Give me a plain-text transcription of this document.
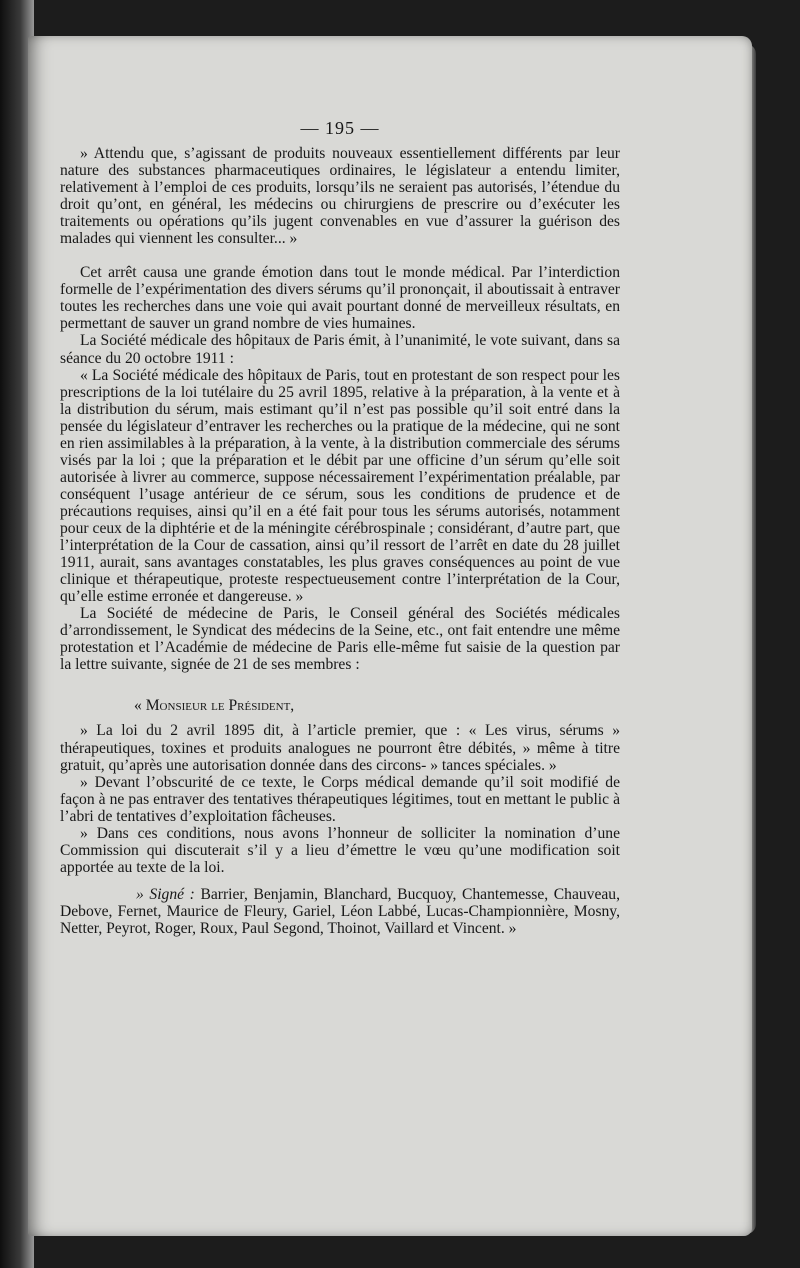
— 195 —

» Attendu que, s’agissant de produits nouveaux essentiellement différents par leur nature des substances pharmaceutiques ordinaires, le législateur a entendu limiter, relativement à l’emploi de ces produits, lorsqu’ils ne seraient pas autorisés, l’étendue du droit qu’ont, en général, les médecins ou chirurgiens de prescrire ou d’exécuter les traitements ou opérations qu’ils jugent convenables en vue d’assurer la guérison des malades qui viennent les consulter... »

Cet arrêt causa une grande émotion dans tout le monde médical. Par l’interdiction formelle de l’expérimentation des divers sérums qu’il prononçait, il aboutissait à entraver toutes les recherches dans une voie qui avait pourtant donné de merveilleux résultats, en permettant de sauver un grand nombre de vies humaines.

La Société médicale des hôpitaux de Paris émit, à l’unanimité, le vote suivant, dans sa séance du 20 octobre 1911 :

« La Société médicale des hôpitaux de Paris, tout en protestant de son respect pour les prescriptions de la loi tutélaire du 25 avril 1895, relative à la préparation, à la vente et à la distribution du sérum, mais estimant qu’il n’est pas possible qu’il soit entré dans la pensée du législateur d’entraver les recherches ou la pratique de la médecine, qui ne sont en rien assimilables à la préparation, à la vente, à la distribution commerciale des sérums visés par la loi ; que la préparation et le débit par une officine d’un sérum qu’elle soit autorisée à livrer au commerce, suppose nécessairement l’expérimentation préalable, par conséquent l’usage antérieur de ce sérum, sous les conditions de prudence et de précautions requises, ainsi qu’il en a été fait pour tous les sérums autorisés, notamment pour ceux de la diphtérie et de la méningite cérébrospinale ; considérant, d’autre part, que l’interprétation de la Cour de cassation, ainsi qu’il ressort de l’arrêt en date du 28 juillet 1911, aurait, sans avantages constatables, les plus graves conséquences au point de vue clinique et thérapeutique, proteste respectueusement contre l’interprétation de la Cour, qu’elle estime erronée et dangereuse. »

La Société de médecine de Paris, le Conseil général des Sociétés médicales d’arrondissement, le Syndicat des médecins de la Seine, etc., ont fait entendre une même protestation et l’Académie de médecine de Paris elle-même fut saisie de la question par la lettre suivante, signée de 21 de ses membres :

« Monsieur le Président,

» La loi du 2 avril 1895 dit, à l’article premier, que : « Les virus, sérums » thérapeutiques, toxines et produits analogues ne pourront être débités, » même à titre gratuit, qu’après une autorisation donnée dans des circons- » tances spéciales. »

» Devant l’obscurité de ce texte, le Corps médical demande qu’il soit modifié de façon à ne pas entraver des tentatives thérapeutiques légitimes, tout en mettant le public à l’abri de tentatives d’exploitation fâcheuses.

» Dans ces conditions, nous avons l’honneur de solliciter la nomination d’une Commission qui discuterait s’il y a lieu d’émettre le vœu qu’une modification soit apportée au texte de la loi.

» Signé : Barrier, Benjamin, Blanchard, Bucquoy, Chantemesse, Chauveau, Debove, Fernet, Maurice de Fleury, Gariel, Léon Labbé, Lucas-Championnière, Mosny, Netter, Peyrot, Roger, Roux, Paul Segond, Thoinot, Vaillard et Vincent. »
